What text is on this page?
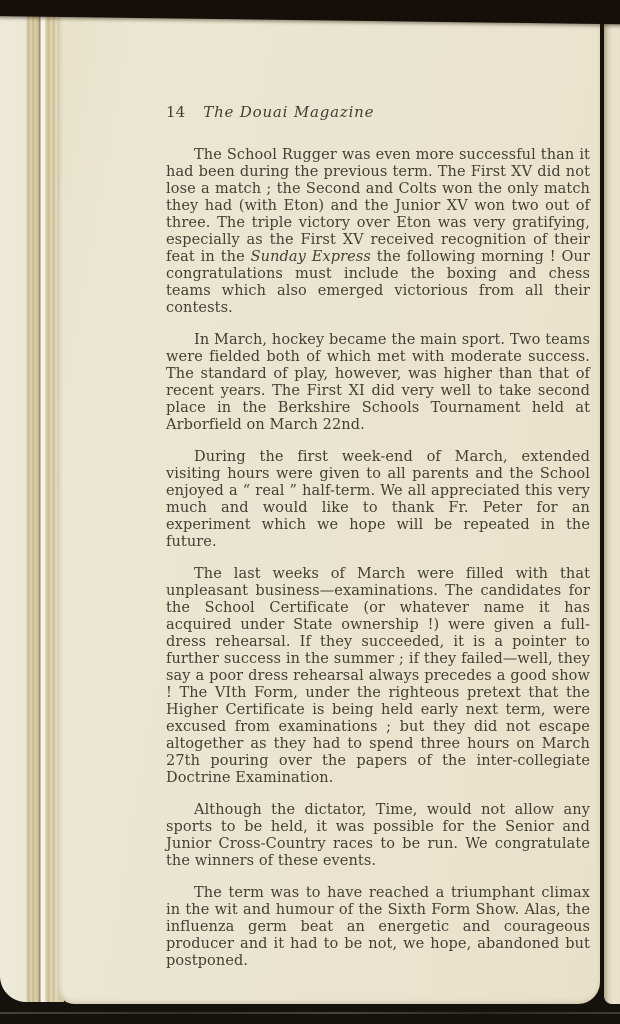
14 The Douai Magazine

The School Rugger was even more successful than it had been during the previous term. The First XV did not lose a match ; the Second and Colts won the only match they had (with Eton) and the Junior XV won two out of three. The triple victory over Eton was very gratifying, especially as the First XV received recognition of their feat in the Sunday Express the following morning ! Our congratulations must include the boxing and chess teams which also emerged victorious from all their contests.

In March, hockey became the main sport. Two teams were fielded both of which met with moderate success. The standard of play, however, was higher than that of recent years. The First XI did very well to take second place in the Berkshire Schools Tournament held at Arborfield on March 22nd.

During the first week-end of March, extended visiting hours were given to all parents and the School enjoyed a “ real ” half-term. We all appreciated this very much and would like to thank Fr. Peter for an experiment which we hope will be repeated in the future.

The last weeks of March were filled with that unpleasant business—examinations. The candidates for the School Certificate (or whatever name it has acquired under State ownership !) were given a full-dress rehearsal. If they succeeded, it is a pointer to further success in the summer ; if they failed—well, they say a poor dress rehearsal always precedes a good show ! The VIth Form, under the righteous pretext that the Higher Certificate is being held early next term, were excused from examinations ; but they did not escape altogether as they had to spend three hours on March 27th pouring over the papers of the inter-collegiate Doctrine Examination.

Although the dictator, Time, would not allow any sports to be held, it was possible for the Senior and Junior Cross-Country races to be run. We congratulate the winners of these events.

The term was to have reached a triumphant climax in the wit and humour of the Sixth Form Show. Alas, the influenza germ beat an energetic and courageous producer and it had to be not, we hope, abandoned but postponed.
